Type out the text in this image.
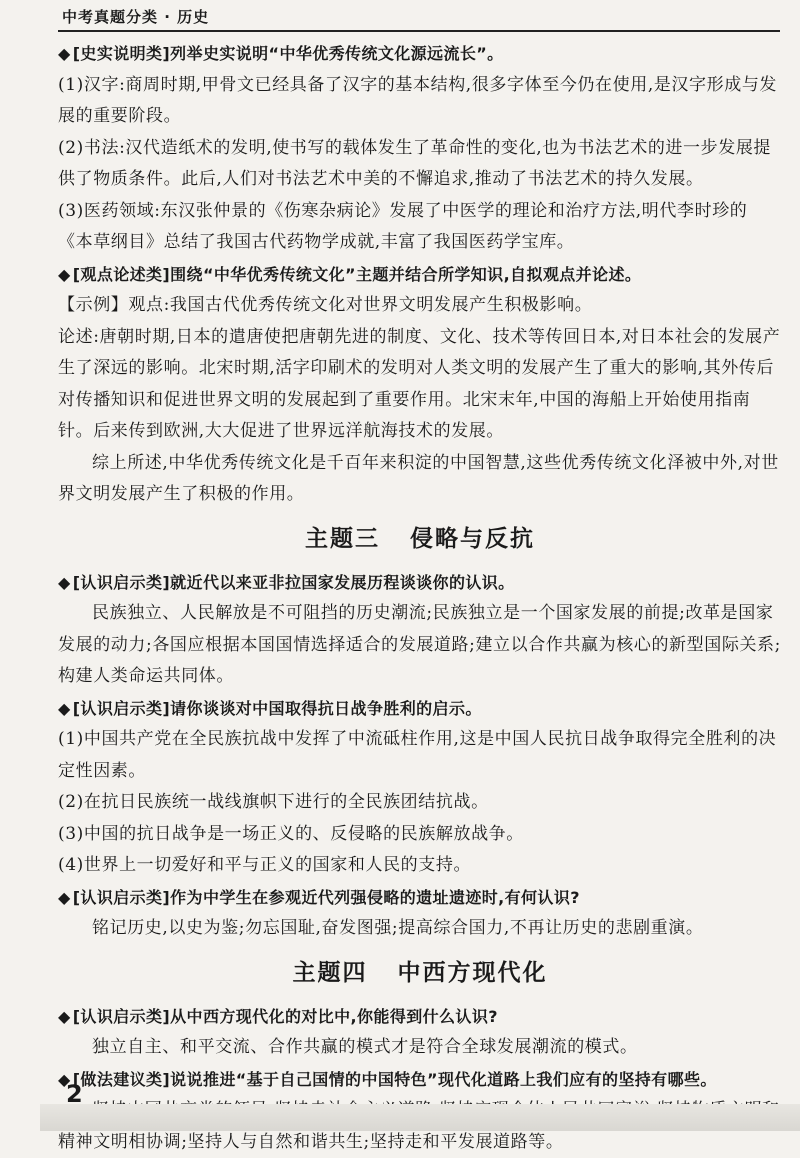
中考真题分类 · 历史

◆ [史实说明类]列举史实说明“中华优秀传统文化源远流长”。

(1)汉字:商周时期,甲骨文已经具备了汉字的基本结构,很多字体至今仍在使用,是汉字形成与发展的重要阶段。

(2)书法:汉代造纸术的发明,使书写的载体发生了革命性的变化,也为书法艺术的进一步发展提供了物质条件。此后,人们对书法艺术中美的不懈追求,推动了书法艺术的持久发展。

(3)医药领域:东汉张仲景的《伤寒杂病论》发展了中医学的理论和治疗方法,明代李时珍的《本草纲目》总结了我国古代药物学成就,丰富了我国医药学宝库。

◆ [观点论述类]围绕“中华优秀传统文化”主题并结合所学知识,自拟观点并论述。

【示例】观点:我国古代优秀传统文化对世界文明发展产生积极影响。

论述:唐朝时期,日本的遣唐使把唐朝先进的制度、文化、技术等传回日本,对日本社会的发展产生了深远的影响。北宋时期,活字印刷术的发明对人类文明的发展产生了重大的影响,其外传后对传播知识和促进世界文明的发展起到了重要作用。北宋末年,中国的海船上开始使用指南针。后来传到欧洲,大大促进了世界远洋航海技术的发展。

综上所述,中华优秀传统文化是千百年来积淀的中国智慧,这些优秀传统文化泽被中外,对世界文明发展产生了积极的作用。

主题三 侵略与反抗

◆ [认识启示类]就近代以来亚非拉国家发展历程谈谈你的认识。

民族独立、人民解放是不可阻挡的历史潮流;民族独立是一个国家发展的前提;改革是国家发展的动力;各国应根据本国国情选择适合的发展道路;建立以合作共赢为核心的新型国际关系;构建人类命运共同体。

◆ [认识启示类]请你谈谈对中国取得抗日战争胜利的启示。

(1)中国共产党在全民族抗战中发挥了中流砥柱作用,这是中国人民抗日战争取得完全胜利的决定性因素。

(2)在抗日民族统一战线旗帜下进行的全民族团结抗战。

(3)中国的抗日战争是一场正义的、反侵略的民族解放战争。

(4)世界上一切爱好和平与正义的国家和人民的支持。

◆ [认识启示类]作为中学生在参观近代列强侵略的遗址遗迹时,有何认识?

铭记历史,以史为鉴;勿忘国耻,奋发图强;提高综合国力,不再让历史的悲剧重演。

主题四 中西方现代化

◆ [认识启示类]从中西方现代化的对比中,你能得到什么认识?

独立自主、和平交流、合作共赢的模式才是符合全球发展潮流的模式。

◆ [做法建议类]说说推进“基于自己国情的中国特色”现代化道路上我们应有的坚持有哪些。

精神文明相协调;坚持人与自然和谐共生;坚持走和平发展道路等。

2
